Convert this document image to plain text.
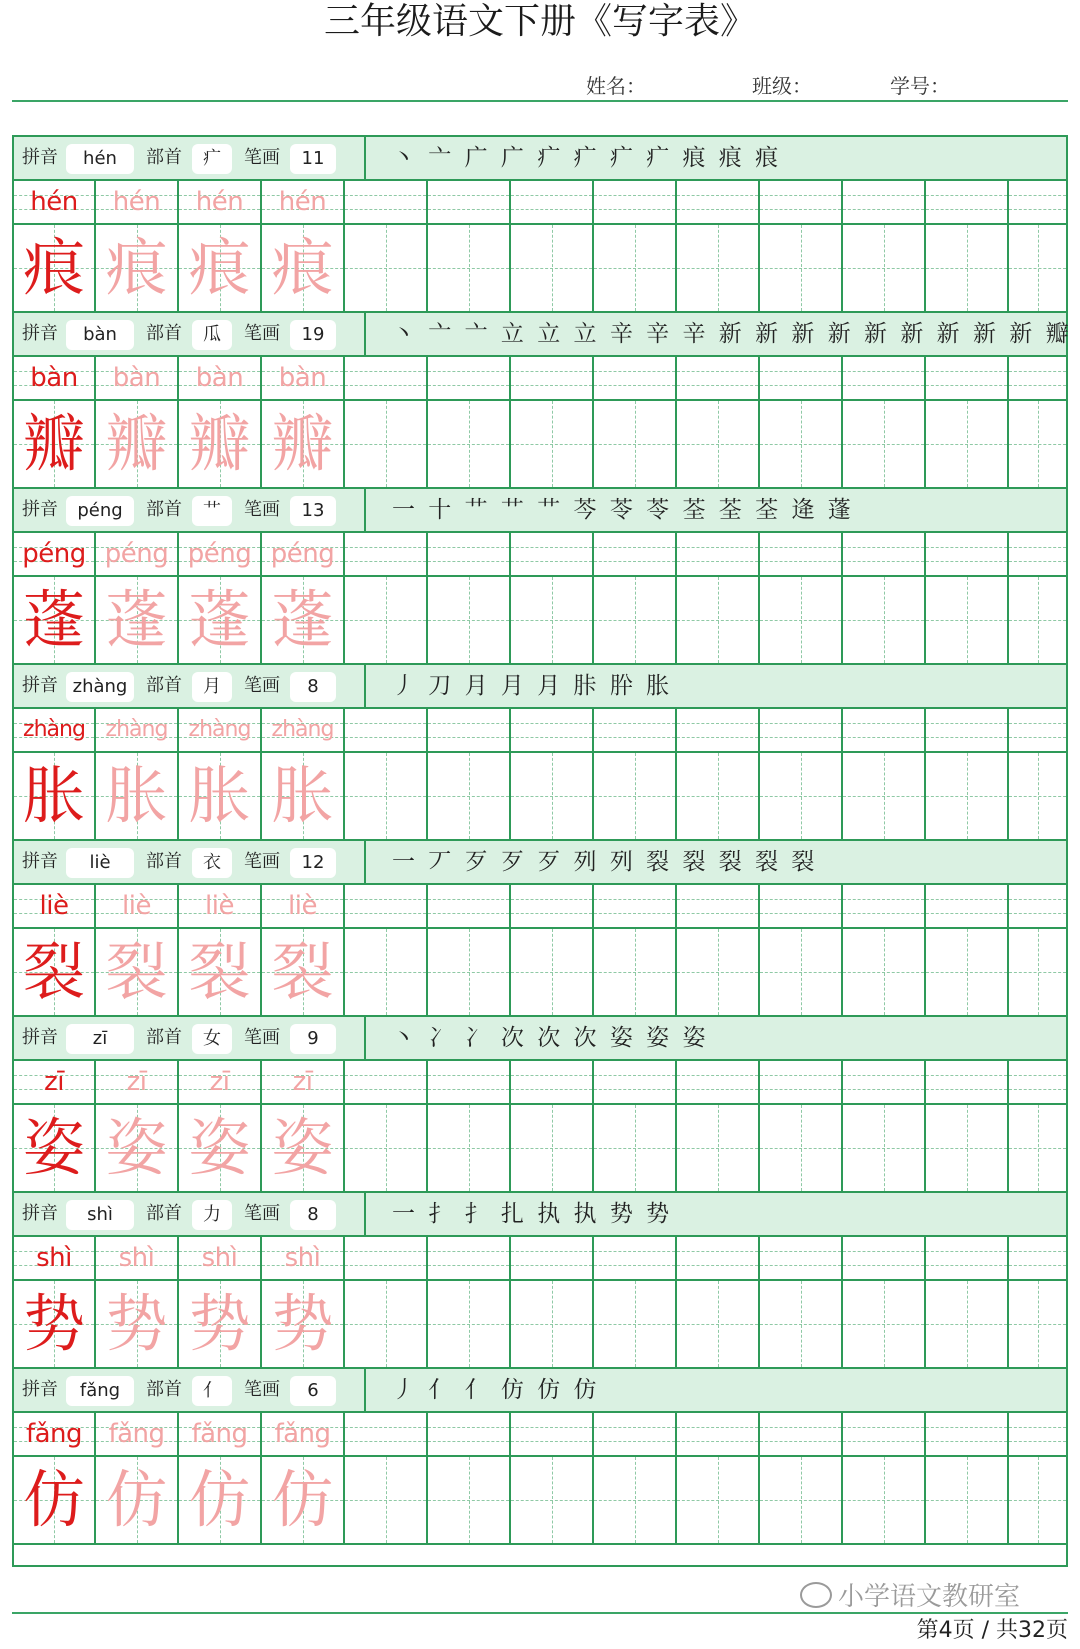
三年级语文下册《写字表》
姓名：	班级：	学号：
拼音	hén	部首	疒	笔画	11	丶 亠 广 广 疒 疒 疒 疒 痕 痕 痕
hén	hén	hén	hén
痕 痕 痕 痕
拼音	bàn	部首	瓜	笔画	19	丶 亠 亠 立 立 立 辛 辛 辛 新 新 新 新 新 新 新 新 新 瓣
bàn	bàn	bàn	bàn
瓣 瓣 瓣 瓣
拼音	péng	部首	艹	笔画	13	一 十 艹 艹 艹 芩 苓 苓 荃 荃 荃 逄 蓬
péng péng péng péng
蓬 蓬 蓬 蓬
拼音 zhàng	部首	月	笔画	8	丿 刀 月 月 月 胩 肸 胀
zhàng zhàng zhàng zhàng
胀 胀 胀 胀
拼音	liè	部首	衣	笔画	12	一 丆 歹 歹 歹 列 列 裂 裂 裂 裂 裂
liè	liè	liè	liè
裂 裂 裂 裂
拼音	zī	部首	女	笔画	9	丶 冫 冫 次 次 次 姿 姿 姿
zī	zī	zī	zī
姿 姿 姿 姿
拼音	shì	部首	力	笔画	8	一 扌 扌 扎 执 执 势 势
shì	shì	shì	shì
势 势 势 势
拼音	fǎng	部首	亻	笔画	6	丿 亻 亻 仿 仿 仿
fǎng	fǎng	fǎng	fǎng
仿 仿 仿 仿
小学语文教研室
第4页 / 共32页
